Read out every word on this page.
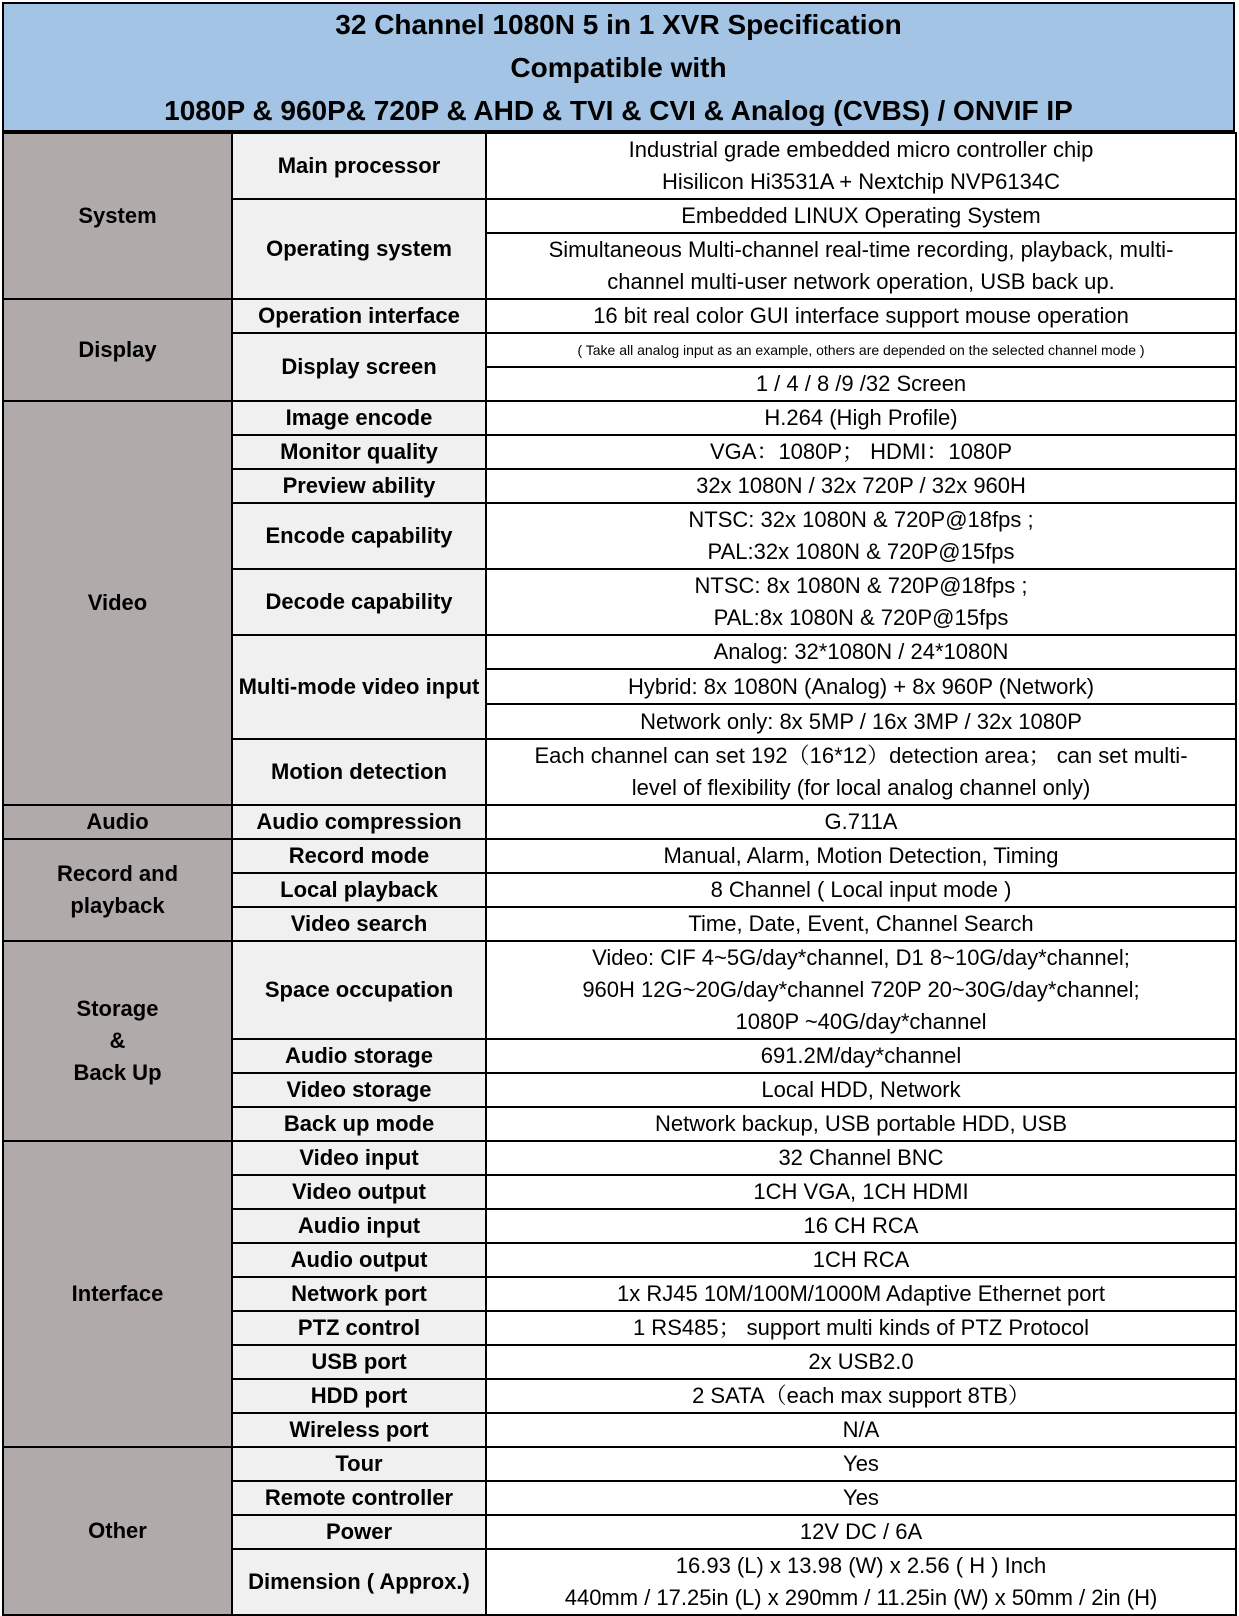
32 Channel 1080N 5 in 1 XVR Specification
Compatible with
1080P & 960P& 720P & AHD & TVI & CVI & Analog (CVBS) / ONVIF IP
System	Main processor	Industrial grade embedded micro controller chip
Hisilicon Hi3531A + Nextchip NVP6134C

	Operating system	Embedded LINUX Operating System

		Simultaneous Multi-channel real-time recording, playback, multi-
channel multi-user network operation, USB back up.

Display	Operation interface	16 bit real color GUI interface support mouse operation
	Display screen	( Take all analog input as an example, others are depended on the selected channel mode )
		1 / 4 / 8 /9 /32 Screen
Video	Image encode	H.264 (High Profile)
	Monitor quality	VGA：1080P； HDMI：1080P
	Preview ability	32x 1080N / 32x 720P / 32x 960H
	Encode capability	NTSC: 32x 1080N & 720P@18fps ;
PAL:32x 1080N & 720P@15fps

	Decode capability	NTSC: 8x 1080N & 720P@18fps ;
PAL:8x 1080N & 720P@15fps

	Multi-mode video input	Analog: 32*1080N / 24*1080N
		Hybrid: 8x 1080N (Analog) + 8x 960P (Network)
		Network only: 8x 5MP / 16x 3MP / 32x 1080P
	Motion detection	Each channel can set 192（16*12）detection area； can set multi-
level of flexibility (for local analog channel only)

Audio	Audio compression	G.711A
Record and playback	Record mode	Manual, Alarm, Motion Detection, Timing
	Local playback	8 Channel ( Local input mode )
	Video search	Time, Date, Event, Channel Search

Storage
&
Back Up	Space occupation	Video: CIF 4~5G/day*channel, D1 8~10G/day*channel;
960H 12G~20G/day*channel 720P 20~30G/day*channel;
1080P ~40G/day*channel

	Audio storage	691.2M/day*channel
	Video storage	Local HDD, Network
	Back up mode	Network backup, USB portable HDD, USB
Interface	Video input	32 Channel BNC
	Video output	1CH VGA, 1CH HDMI
	Audio input	16 CH RCA
	Audio output	1CH RCA
	Network port	1x RJ45 10M/100M/1000M Adaptive Ethernet port
	PTZ control	1 RS485； support multi kinds of PTZ Protocol
	USB port	2x USB2.0
	HDD port	2 SATA（each max support 8TB）
	Wireless port	N/A
Other	Tour	Yes
	Remote controller	Yes
	Power	12V DC / 6A
	Dimension ( Approx.)	16.93 (L) x 13.98 (W) x 2.56 ( H ) Inch
440mm / 17.25in (L) x 290mm / 11.25in (W) x 50mm / 2in (H)
